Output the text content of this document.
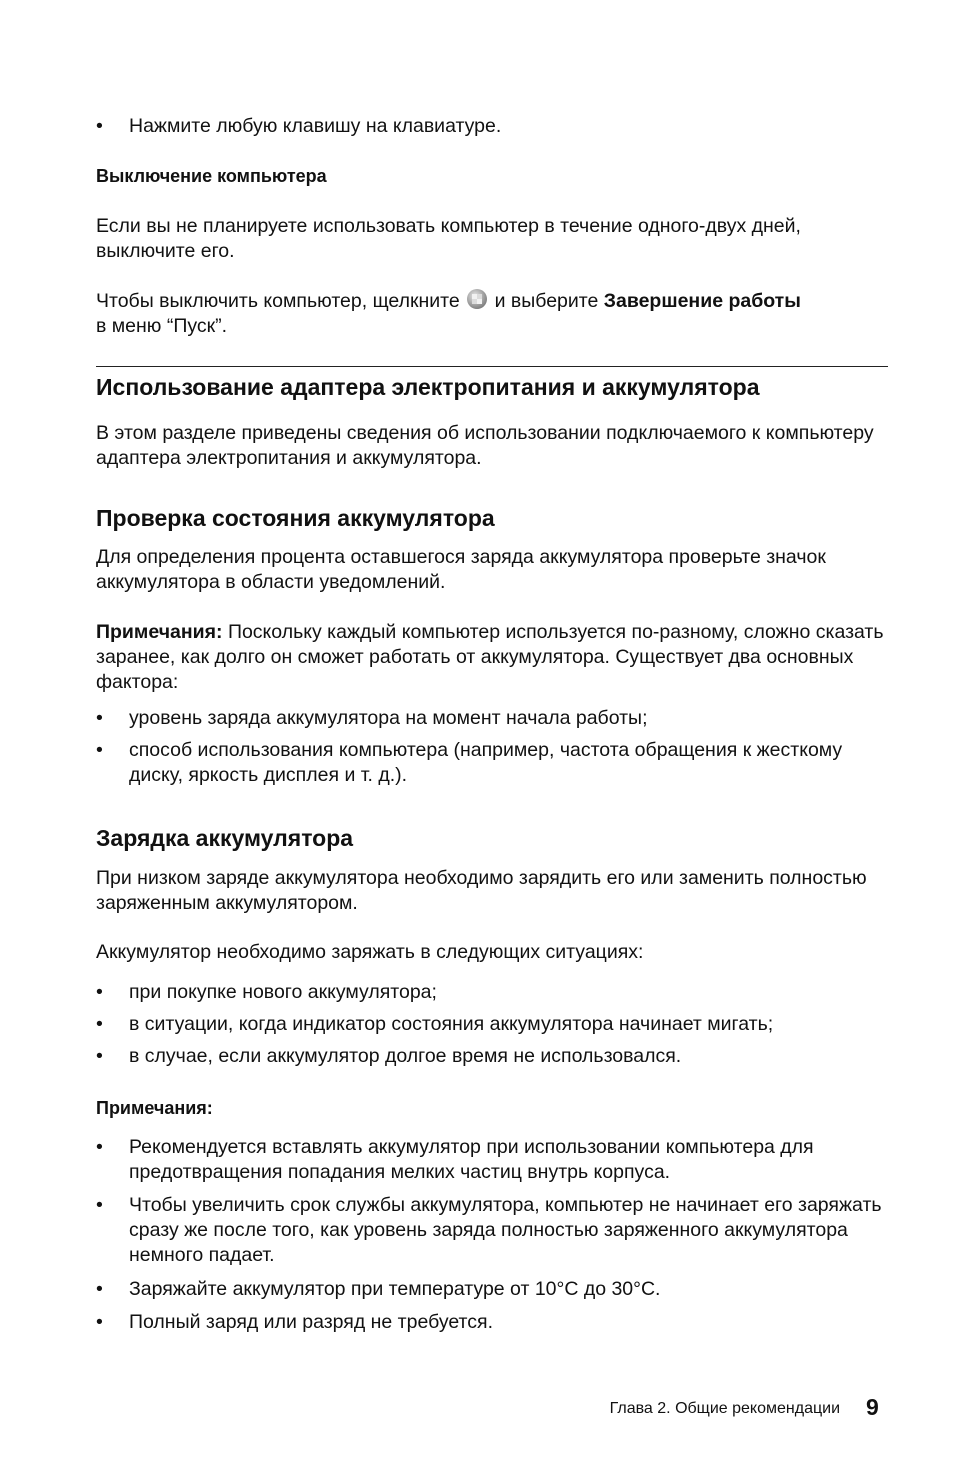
• Нажмите любую клавишу на клавиатуре.
Выключение компьютера

Если вы не планируете использовать компьютер в течение одного-двух дней, выключите его.

Чтобы выключить компьютер, щелкните и выберите Завершение работы
в меню “Пуск”.

Использование адаптера электропитания и аккумулятора

В этом разделе приведены сведения об использовании подключаемого к компьютеру адаптера электропитания и аккумулятора.

Проверка состояния аккумулятора

Для определения процента оставшегося заряда аккумулятора проверьте значок аккумулятора в области уведомлений.

Примечания: Поскольку каждый компьютер используется по-разному, сложно сказать заранее, как долго он сможет работать от аккумулятора. Существует два основных фактора:

• уровень заряда аккумулятора на момент начала работы;
• способ использования компьютера (например, частота обращения к жесткому диску, яркость дисплея и т. д.).
Зарядка аккумулятора

При низком заряде аккумулятора необходимо зарядить его или заменить полностью заряженным аккумулятором.

Аккумулятор необходимо заряжать в следующих ситуациях:

• при покупке нового аккумулятора;
• в ситуации, когда индикатор состояния аккумулятора начинает мигать;
• в случае, если аккумулятор долгое время не использовался.
Примечания:
• Рекомендуется вставлять аккумулятор при использовании компьютера для предотвращения попадания мелких частиц внутрь корпуса.
• Чтобы увеличить срок службы аккумулятора, компьютер не начинает его заряжать сразу же после того, как уровень заряда полностью заряженного аккумулятора немного падает.
• Заряжайте аккумулятор при температуре от 10°C до 30°C.
• Полный заряд или разряд не требуется.
Глава 2. Общие рекомендации 9
